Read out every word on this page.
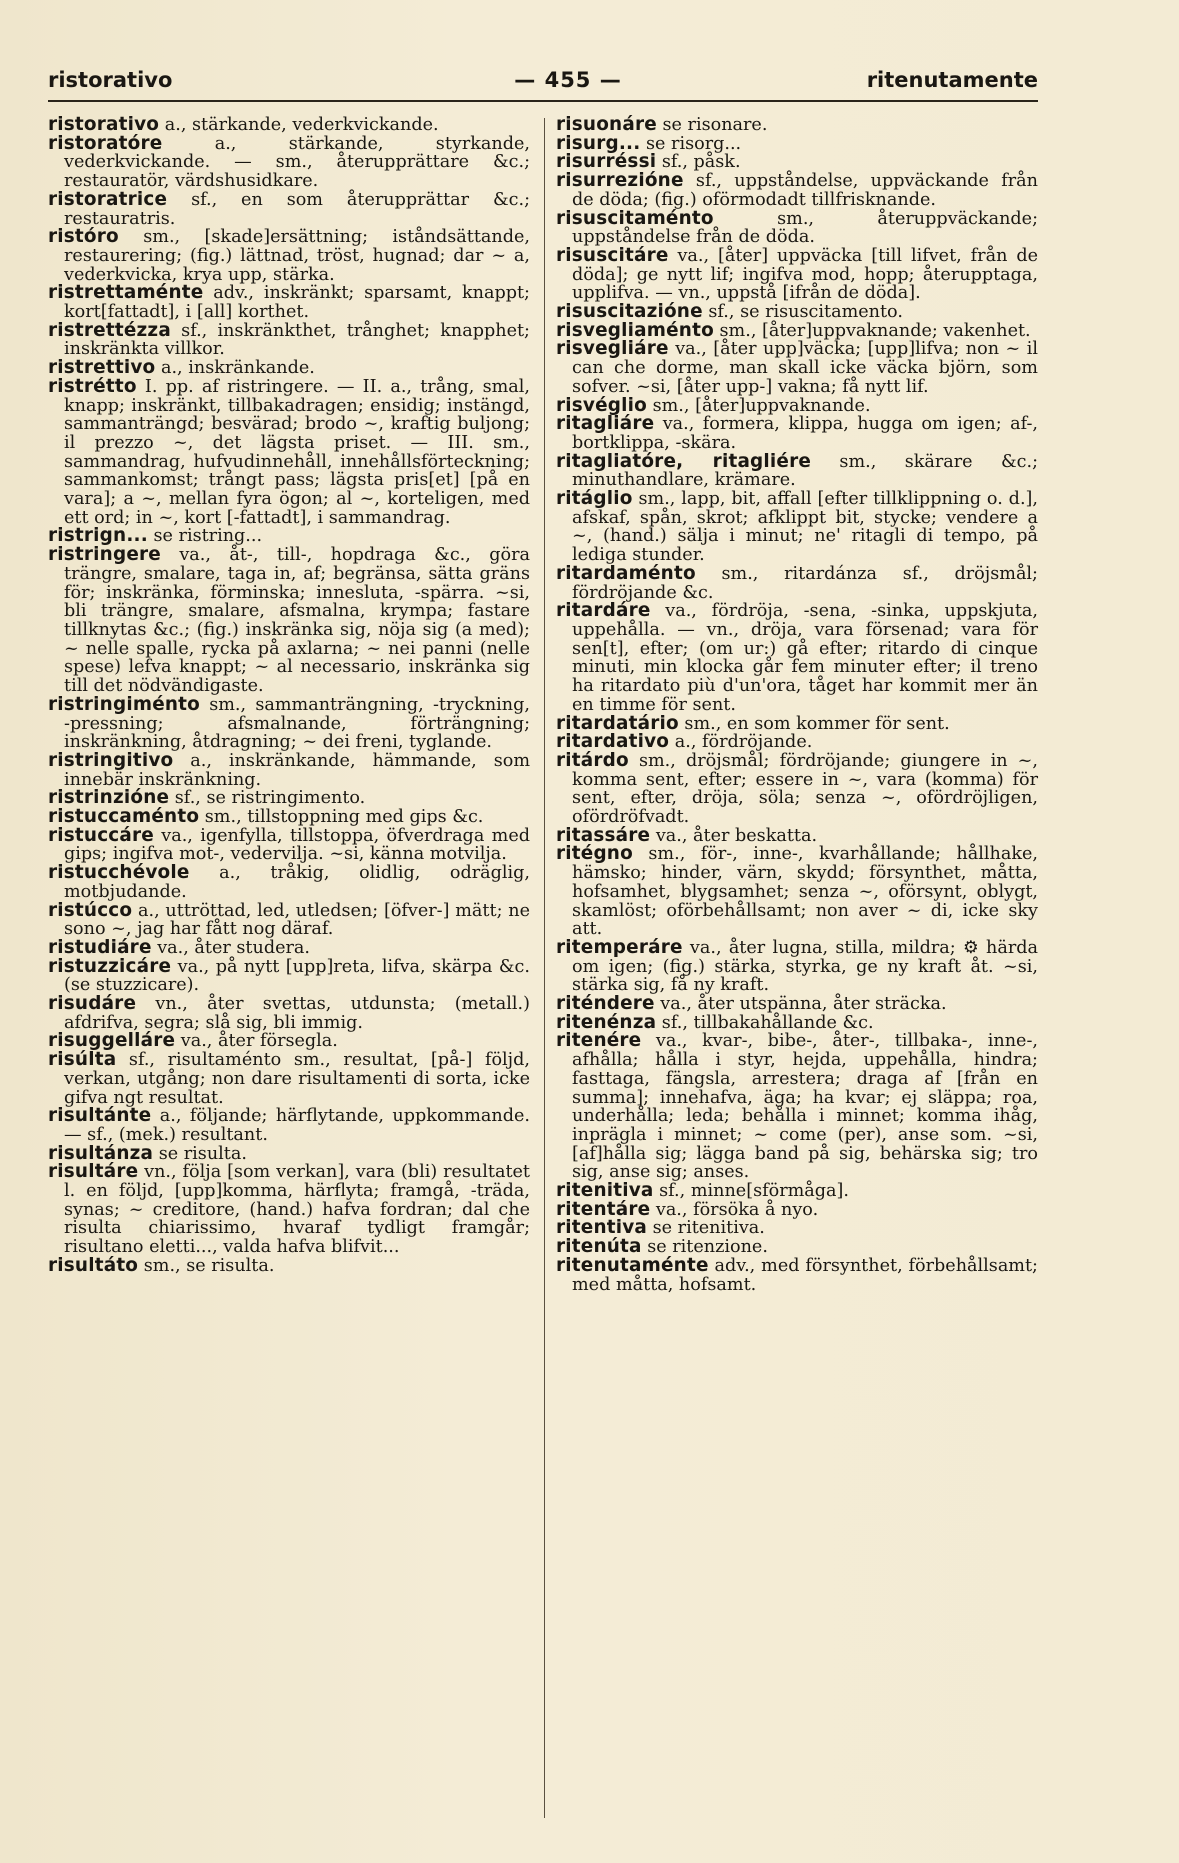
ristorativo	— 455 —	ritenutamente

ristorativo a., stärkande, vederkvickande.

ristoratóre a., stärkande, styrkande, vederkvickande. — sm., återupprättare &c.; restauratör, värdshusidkare.

ristoratrice sf., en som återupprättar &c.; restauratris.

ristóro sm., [skade]ersättning; iståndsättande, restaurering; (fig.) lättnad, tröst, hugnad; dar ~ a, vederkvicka, krya upp, stärka.

ristrettaménte adv., inskränkt; sparsamt, knappt; kort[fattadt], i [all] korthet.

ristrettézza sf., inskränkthet, trånghet; knapphet; inskränkta villkor.

ristrettivo a., inskränkande.

ristrétto I. pp. af ristringere. — II. a., trång, smal, knapp; inskränkt, tillbakadragen; ensidig; instängd, sammanträngd; besvärad; brodo ~, kraftig buljong; il prezzo ~, det lägsta priset. — III. sm., sammandrag, hufvudinnehåll, innehållsförteckning; sammankomst; trångt pass; lägsta pris[et] [på en vara]; a ~, mellan fyra ögon; al ~, korteligen, med ett ord; in ~, kort [-fattadt], i sammandrag.

ristrign... se ristring...

ristringere va., åt-, till-, hopdraga &c., göra trängre, smalare, taga in, af; begränsa, sätta gräns för; inskränka, förminska; innesluta, -spärra. ~si, bli trängre, smalare, afsmalna, krympa; fastare tillknytas &c.; (fig.) inskränka sig, nöja sig (a med); ~ nelle spalle, rycka på axlarna; ~ nei panni (nelle spese) lefva knappt; ~ al necessario, inskränka sig till det nödvändigaste.

ristringiménto sm., sammanträngning, -tryckning, -pressning; afsmalnande, förträngning; inskränkning, åtdragning; ~ dei freni, tyglande.

ristringitivo a., inskränkande, hämmande, som innebär inskränkning.

ristrinzióne sf., se ristringimento.

ristuccaménto sm., tillstoppning med gips &c.

ristuccáre va., igenfylla, tillstoppa, öfverdraga med gips; ingifva mot-, vedervilja. ~si, känna motvilja.

ristucchévole a., tråkig, olidlig, odräglig, motbjudande.

ristúcco a., uttröttad, led, utledsen; [öfver-] mätt; ne sono ~, jag har fått nog däraf.

ristudiáre va., åter studera.

ristuzzicáre va., på nytt [upp]reta, lifva, skärpa &c. (se stuzzicare).

risudáre vn., åter svettas, utdunsta; (metall.) afdrifva, segra; slå sig, bli immig.

risuggelláre va., åter försegla.

risúlta sf., risultaménto sm., resultat, [på-] följd, verkan, utgång; non dare risultamenti di sorta, icke gifva ngt resultat.

risultánte a., följande; härflytande, uppkommande. — sf., (mek.) resultant.

risultánza se risulta.

risultáre vn., följa [som verkan], vara (bli) resultatet l. en följd, [upp]komma, härflyta; framgå, -träda, synas; ~ creditore, (hand.) hafva fordran; dal che risulta chiarissimo, hvaraf tydligt framgår; risultano eletti..., valda hafva blifvit...

risultáto sm., se risulta.

risuonáre se risonare.

risurg... se risorg...

risurréssi sf., påsk.

risurrezióne sf., uppståndelse, uppväckande från de döda; (fig.) oförmodadt tillfrisknande.

risuscitaménto sm., återuppväckande; uppståndelse från de döda.

risuscitáre va., [åter] uppväcka [till lifvet, från de döda]; ge nytt lif; ingifva mod, hopp; återupptaga, upplifva. — vn., uppstå [ifrån de döda].

risuscitazióne sf., se risuscitamento.

risvegliaménto sm., [åter]uppvaknande; vakenhet.

risvegliáre va., [åter upp]väcka; [upp]lifva; non ~ il can che dorme, man skall icke väcka björn, som sofver. ~si, [åter upp-] vakna; få nytt lif.

risvéglio sm., [åter]uppvaknande.

ritagliáre va., formera, klippa, hugga om igen; af-, bortklippa, -skära.

ritagliatóre, ritagliére sm., skärare &c.; minuthandlare, krämare.

ritáglio sm., lapp, bit, affall [efter tillklippning o. d.], afskaf, spån, skrot; afklippt bit, stycke; vendere a ~, (hand.) sälja i minut; ne' ritagli di tempo, på lediga stunder.

ritardaménto sm., ritardánza sf., dröjsmål; fördröjande &c.

ritardáre va., fördröja, -sena, -sinka, uppskjuta, uppehålla. — vn., dröja, vara försenad; vara för sen[t], efter; (om ur:) gå efter; ritardo di cinque minuti, min klocka går fem minuter efter; il treno ha ritardato più d'un'ora, tåget har kommit mer än en timme för sent.

ritardatário sm., en som kommer för sent.

ritardativo a., fördröjande.

ritárdo sm., dröjsmål; fördröjande; giungere in ~, komma sent, efter; essere in ~, vara (komma) för sent, efter, dröja, söla; senza ~, ofördröjligen, ofördröfvadt.

ritassáre va., åter beskatta.

ritégno sm., för-, inne-, kvarhållande; hållhake, hämsko; hinder, värn, skydd; försynthet, måtta, hofsamhet, blygsamhet; senza ~, oförsynt, oblygt, skamlöst; oförbehållsamt; non aver ~ di, icke sky att.

ritemperáre va., åter lugna, stilla, mildra; ⚙ härda om igen; (fig.) stärka, styrka, ge ny kraft åt. ~si, stärka sig, få ny kraft.

riténdere va., åter utspänna, åter sträcka.

ritenénza sf., tillbakahållande &c.

ritenére va., kvar-, bibe-, åter-, tillbaka-, inne-, afhålla; hålla i styr, hejda, uppehålla, hindra; fasttaga, fängsla, arrestera; draga af [från en summa]; innehafva, äga; ha kvar; ej släppa; roa, underhålla; leda; behålla i minnet; komma ihåg, inprägla i minnet; ~ come (per), anse som. ~si, [af]hålla sig; lägga band på sig, behärska sig; tro sig, anse sig; anses.

ritenitiva sf., minne[sförmåga].

ritentáre va., försöka å nyo.

ritentiva se ritenitiva.

ritenúta se ritenzione.

ritenutaménte adv., med försynthet, förbehållsamt; med måtta, hofsamt.
